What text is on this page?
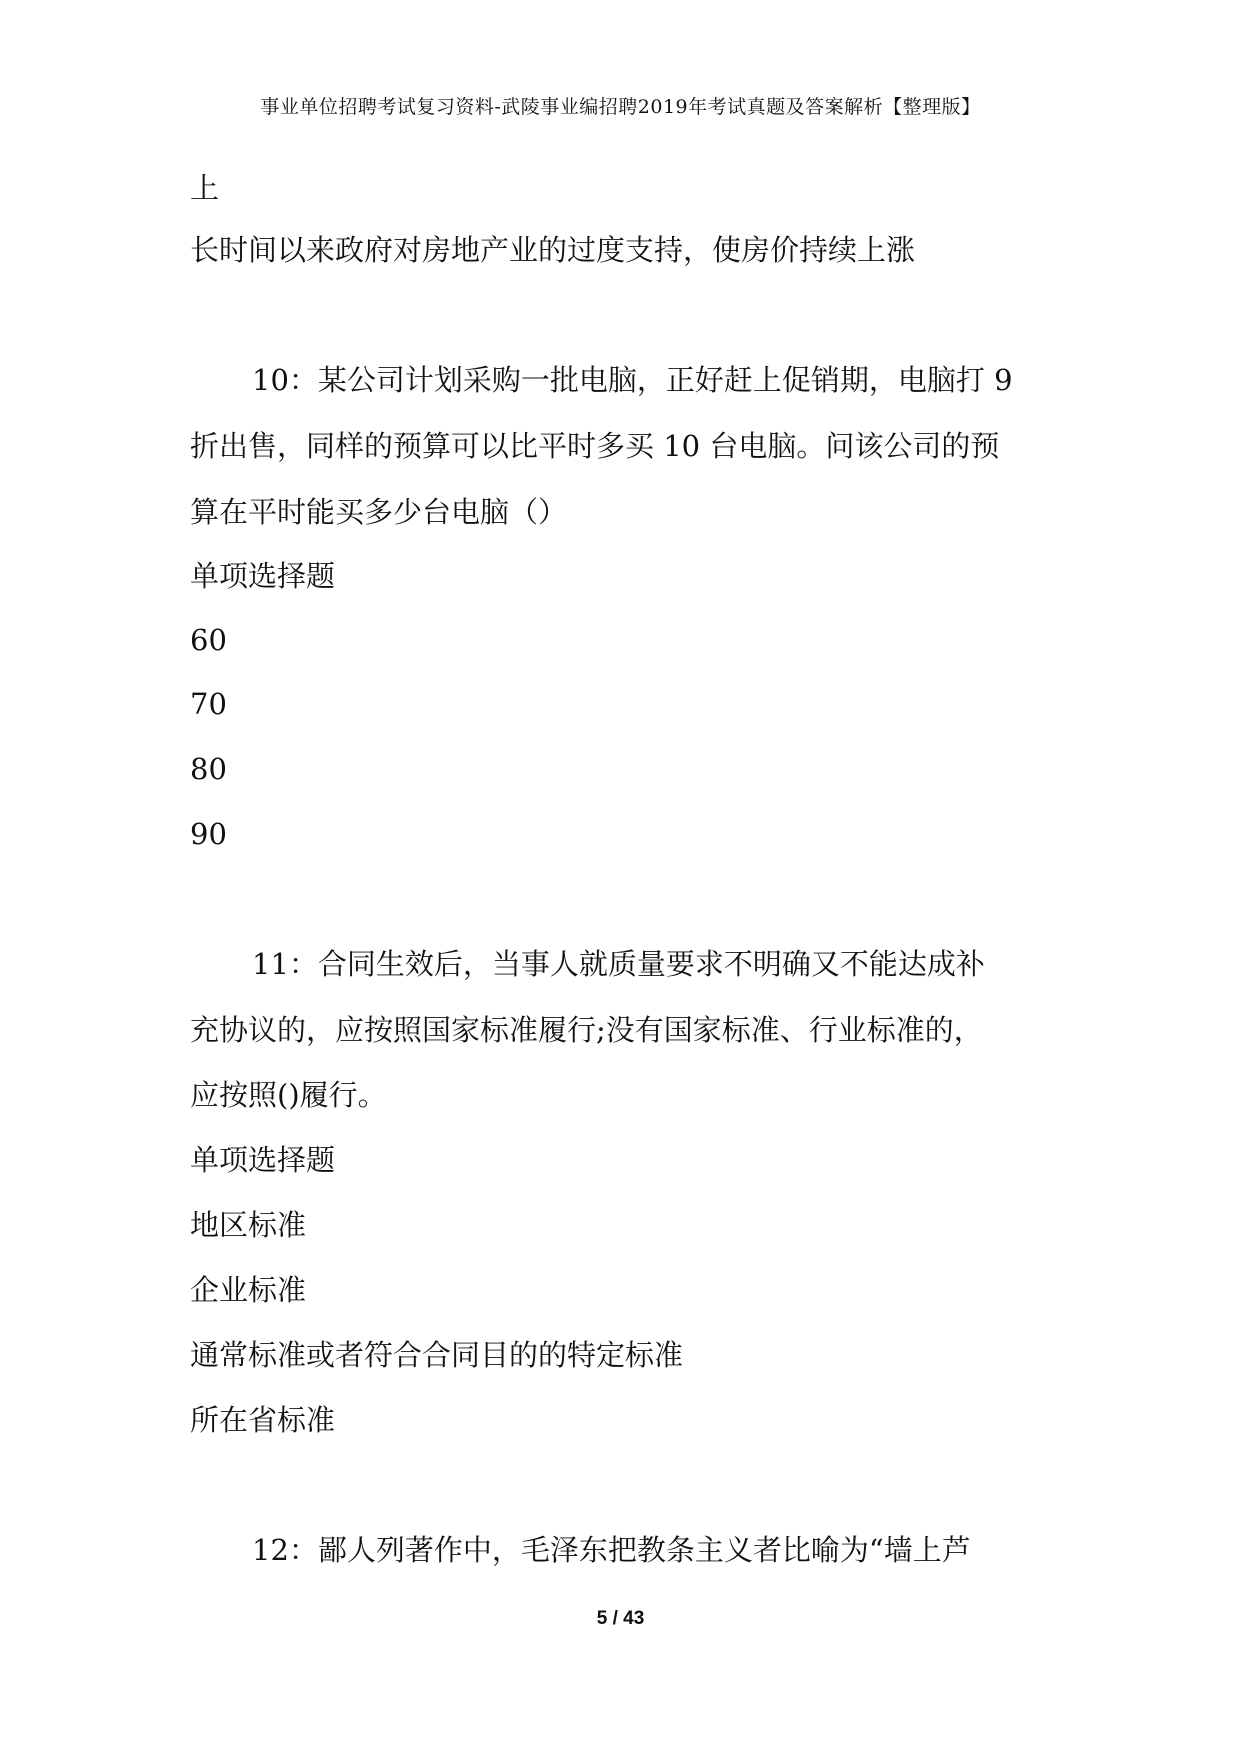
事业单位招聘考试复习资料-武陵事业编招聘2019年考试真题及答案解析【整理版】
上
长时间以来政府对房地产业的过度支持，使房价持续上涨
10：某公司计划采购一批电脑，正好赶上促销期，电脑打 9
折出售，同样的预算可以比平时多买 10 台电脑。问该公司的预
算在平时能买多少台电脑（）
单项选择题
60
70
80
90
11：合同生效后，当事人就质量要求不明确又不能达成补
充协议的，应按照国家标准履行;没有国家标准、行业标准的，
应按照()履行。
单项选择题
地区标准
企业标准
通常标准或者符合合同目的的特定标准
所在省标准
12：鄙人列著作中，毛泽东把教条主义者比喻为“墙上芦
5 / 43
